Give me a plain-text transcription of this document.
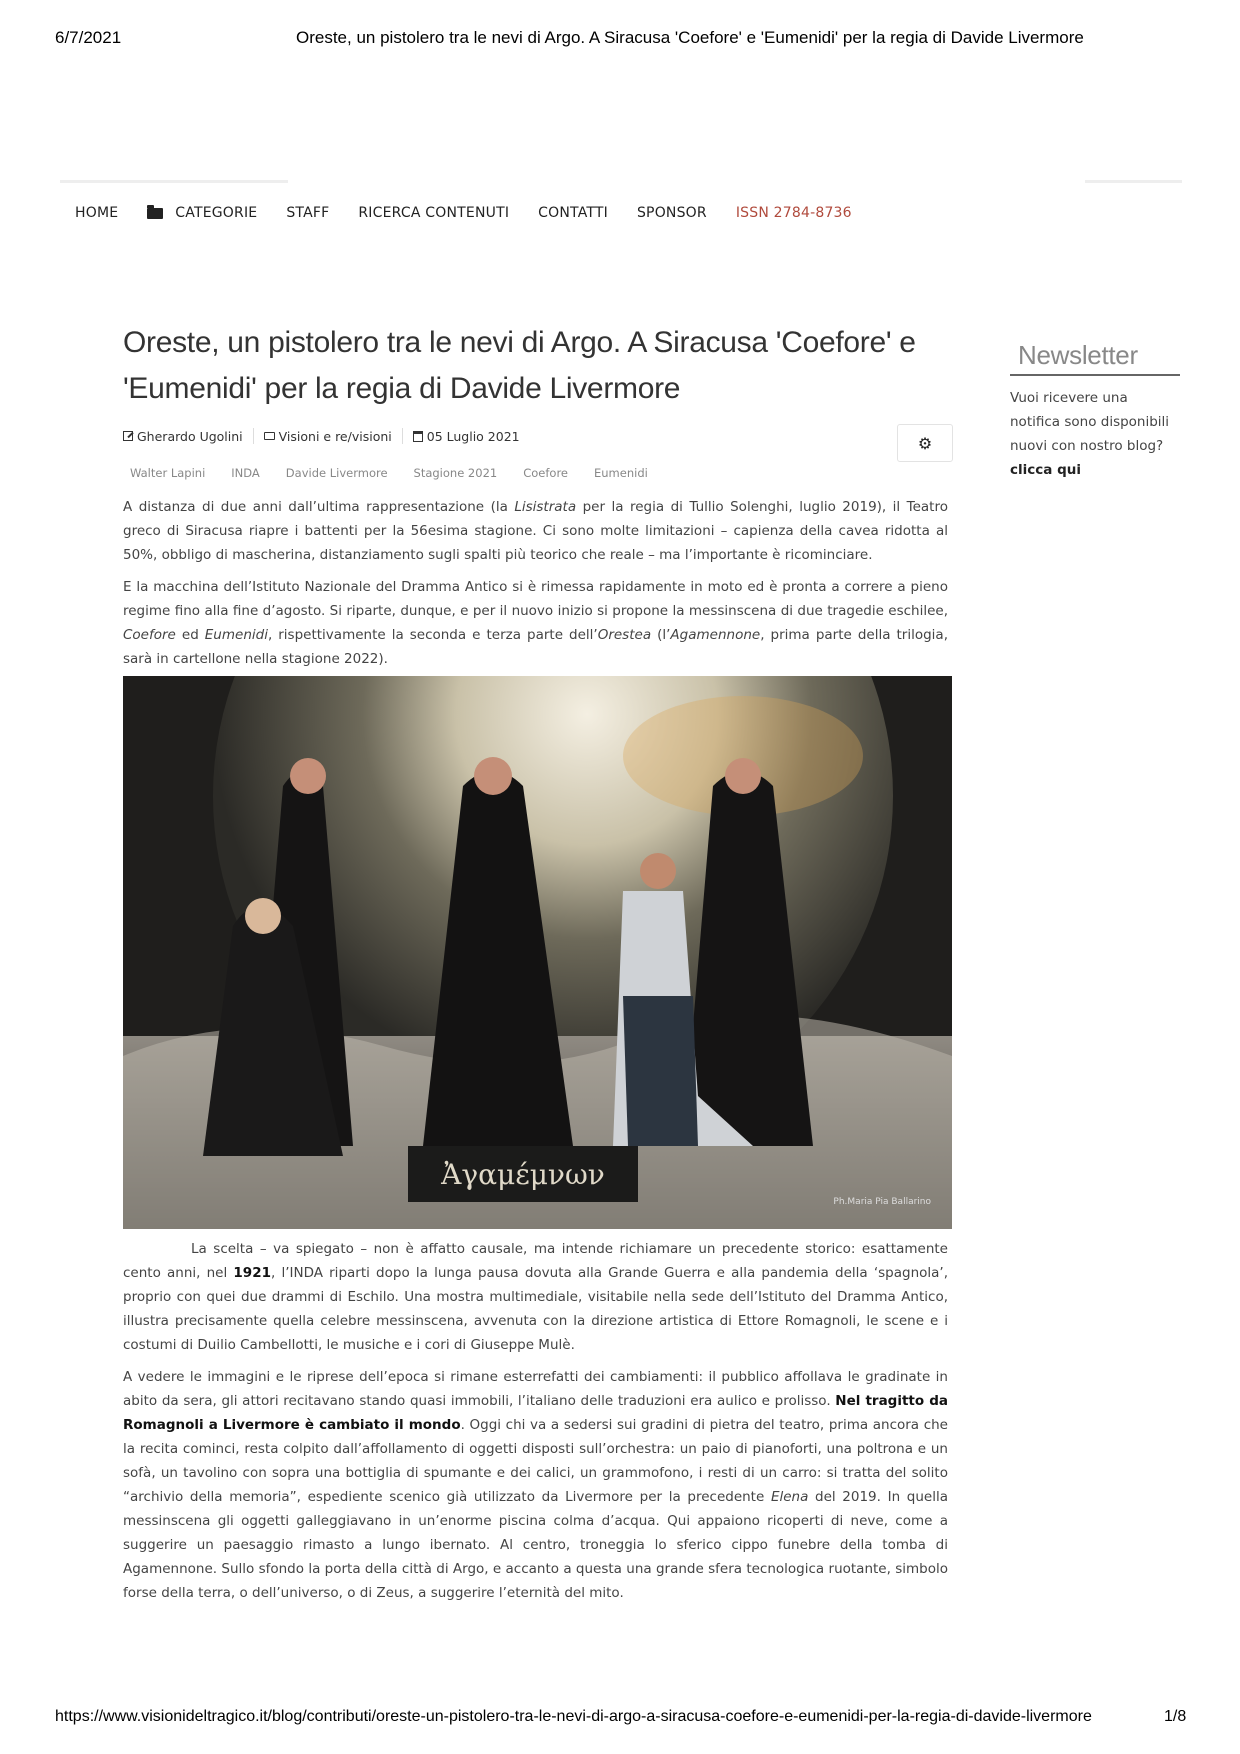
6/7/2021	Oreste, un pistolero tra le nevi di Argo. A Siracusa 'Coefore' e 'Eumenidi' per la regia di Davide Livermore
HOME	CATEGORIE STAFF RICERCA CONTENUTI CONTATTI SPONSOR ISSN 2784-8736
Oreste, un pistolero tra le nevi di Argo. A Siracusa 'Coefore' e 'Eumenidi' per la regia di Davide Livermore
Gherardo Ugolini	Visioni e re/visioni	05 Luglio 2021	⚙
Walter Lapini INDA Davide Livermore Stagione 2021 Coefore Eumenidi

A distanza di due anni dall’ultima rappresentazione (la Lisistrata per la regia di Tullio Solenghi, luglio 2019), il Teatro greco di Siracusa riapre i battenti per la 56esima stagione. Ci sono molte limitazioni – capienza della cavea ridotta al 50%, obbligo di mascherina, distanziamento sugli spalti più teorico che reale – ma l’importante è ricominciare.

E la macchina dell’Istituto Nazionale del Dramma Antico si è rimessa rapidamente in moto ed è pronta a correre a pieno regime fino alla fine d’agosto. Si riparte, dunque, e per il nuovo inizio si propone la messinscena di due tragedie eschilee, Coefore ed Eumenidi, rispettivamente la seconda e terza parte dell’Orestea (l’Agamennone, prima parte della trilogia, sarà in cartellone nella stagione 2022).

Ἀγαμέμνων
Ph.Maria Pia Ballarino

La scelta – va spiegato – non è affatto causale, ma intende richiamare un precedente storico: esattamente cento anni, nel 1921, l’INDA riparti dopo la lunga pausa dovuta alla Grande Guerra e alla pandemia della ‘spagnola’, proprio con quei due drammi di Eschilo. Una mostra multimediale, visitabile nella sede dell’Istituto del Dramma Antico, illustra precisamente quella celebre messinscena, avvenuta con la direzione artistica di Ettore Romagnoli, le scene e i costumi di Duilio Cambellotti, le musiche e i cori di Giuseppe Mulè.

A vedere le immagini e le riprese dell’epoca si rimane esterrefatti dei cambiamenti: il pubblico affollava le gradinate in abito da sera, gli attori recitavano stando quasi immobili, l’italiano delle traduzioni era aulico e prolisso. Nel tragitto da Romagnoli a Livermore è cambiato il mondo. Oggi chi va a sedersi sui gradini di pietra del teatro, prima ancora che la recita cominci, resta colpito dall’affollamento di oggetti disposti sull’orchestra: un paio di pianoforti, una poltrona e un sofà, un tavolino con sopra una bottiglia di spumante e dei calici, un grammofono, i resti di un carro: si tratta del solito “archivio della memoria”, espediente scenico già utilizzato da Livermore per la precedente Elena del 2019. In quella messinscena gli oggetti galleggiavano in un’enorme piscina colma d’acqua. Qui appaiono ricoperti di neve, come a suggerire un paesaggio rimasto a lungo ibernato. Al centro, troneggia lo sferico cippo funebre della tomba di Agamennone. Sullo sfondo la porta della città di Argo, e accanto a questa una grande sfera tecnologica ruotante, simbolo forse della terra, o dell’universo, o di Zeus, a suggerire l’eternità del mito.

Newsletter
Vuoi ricevere una notifica sono disponibili nuovi con nostro blog? clicca qui
https://www.visionideltragico.it/blog/contributi/oreste-un-pistolero-tra-le-nevi-di-argo-a-siracusa-coefore-e-eumenidi-per-la-regia-di-davide-livermore	1/8
